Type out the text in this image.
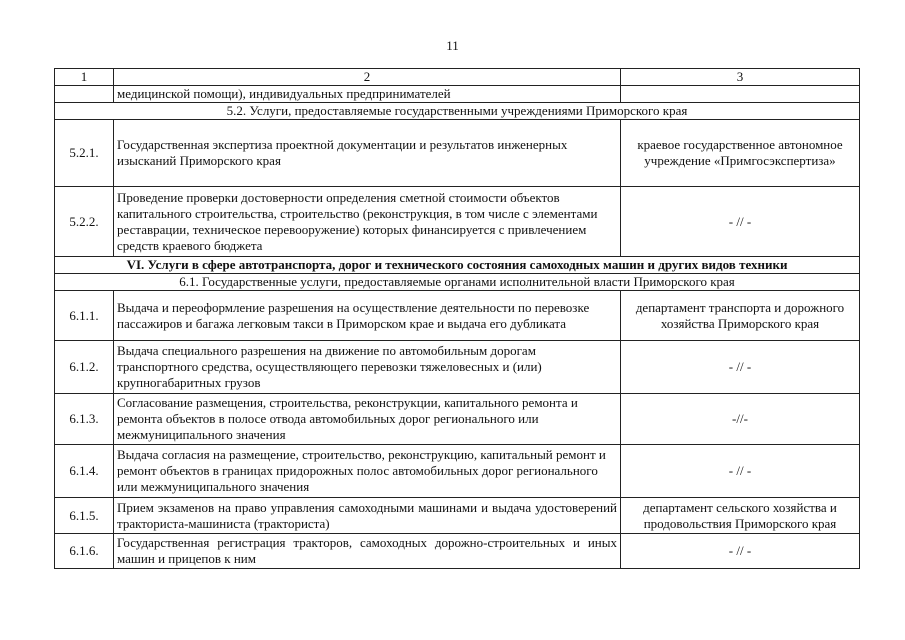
11
1	2	3
	медицинской помощи), индивидуальных предпринимателей	
5.2. Услуги, предоставляемые государственными учреждениями Приморского края		
5.2.1.	Государственная экспертиза проектной документации и результатов инженерных изысканий Приморского края	краевое государственное автономное учреждение «Примгосэкспертиза»
5.2.2.	Проведение проверки достоверности определения сметной стоимости объектов капитального строительства, строительство (реконструкция, в том числе с элементами реставрации, техническое перевооружение) которых финансируется с привлечением средств краевого бюджета	- // -
VI. Услуги в сфере автотранспорта, дорог и технического состояния самоходных машин и других видов техники		
6.1. Государственные услуги, предоставляемые органами исполнительной власти Приморского края		
6.1.1.	Выдача и переоформление разрешения на осуществление деятельности по перевозке пассажиров и багажа легковым такси в Приморском крае и выдача его дубликата	департамент транспорта и дорожного хозяйства Приморского края
6.1.2.	Выдача специального разрешения на движение по автомобильным дорогам транспортного средства, осуществляющего перевозки тяжеловесных и (или) крупногабаритных грузов	- // -
6.1.3.	Согласование размещения, строительства, реконструкции, капитального ремонта и ремонта объектов в полосе отвода автомобильных дорог регионального или межмуниципального значения	-//-
6.1.4.	Выдача согласия на размещение, строительство, реконструкцию, капитальный ремонт и ремонт объектов в границах придорожных полос автомобильных дорог регионального или межмуниципального значения	- // -
6.1.5.	Прием экзаменов на право управления самоходными машинами и выдача удостоверений тракториста-машиниста (тракториста)	департамент сельского хозяйства и продовольствия Приморского края
6.1.6.	Государственная регистрация тракторов, самоходных дорожно-строительных и иных машин и прицепов к ним	- // -
